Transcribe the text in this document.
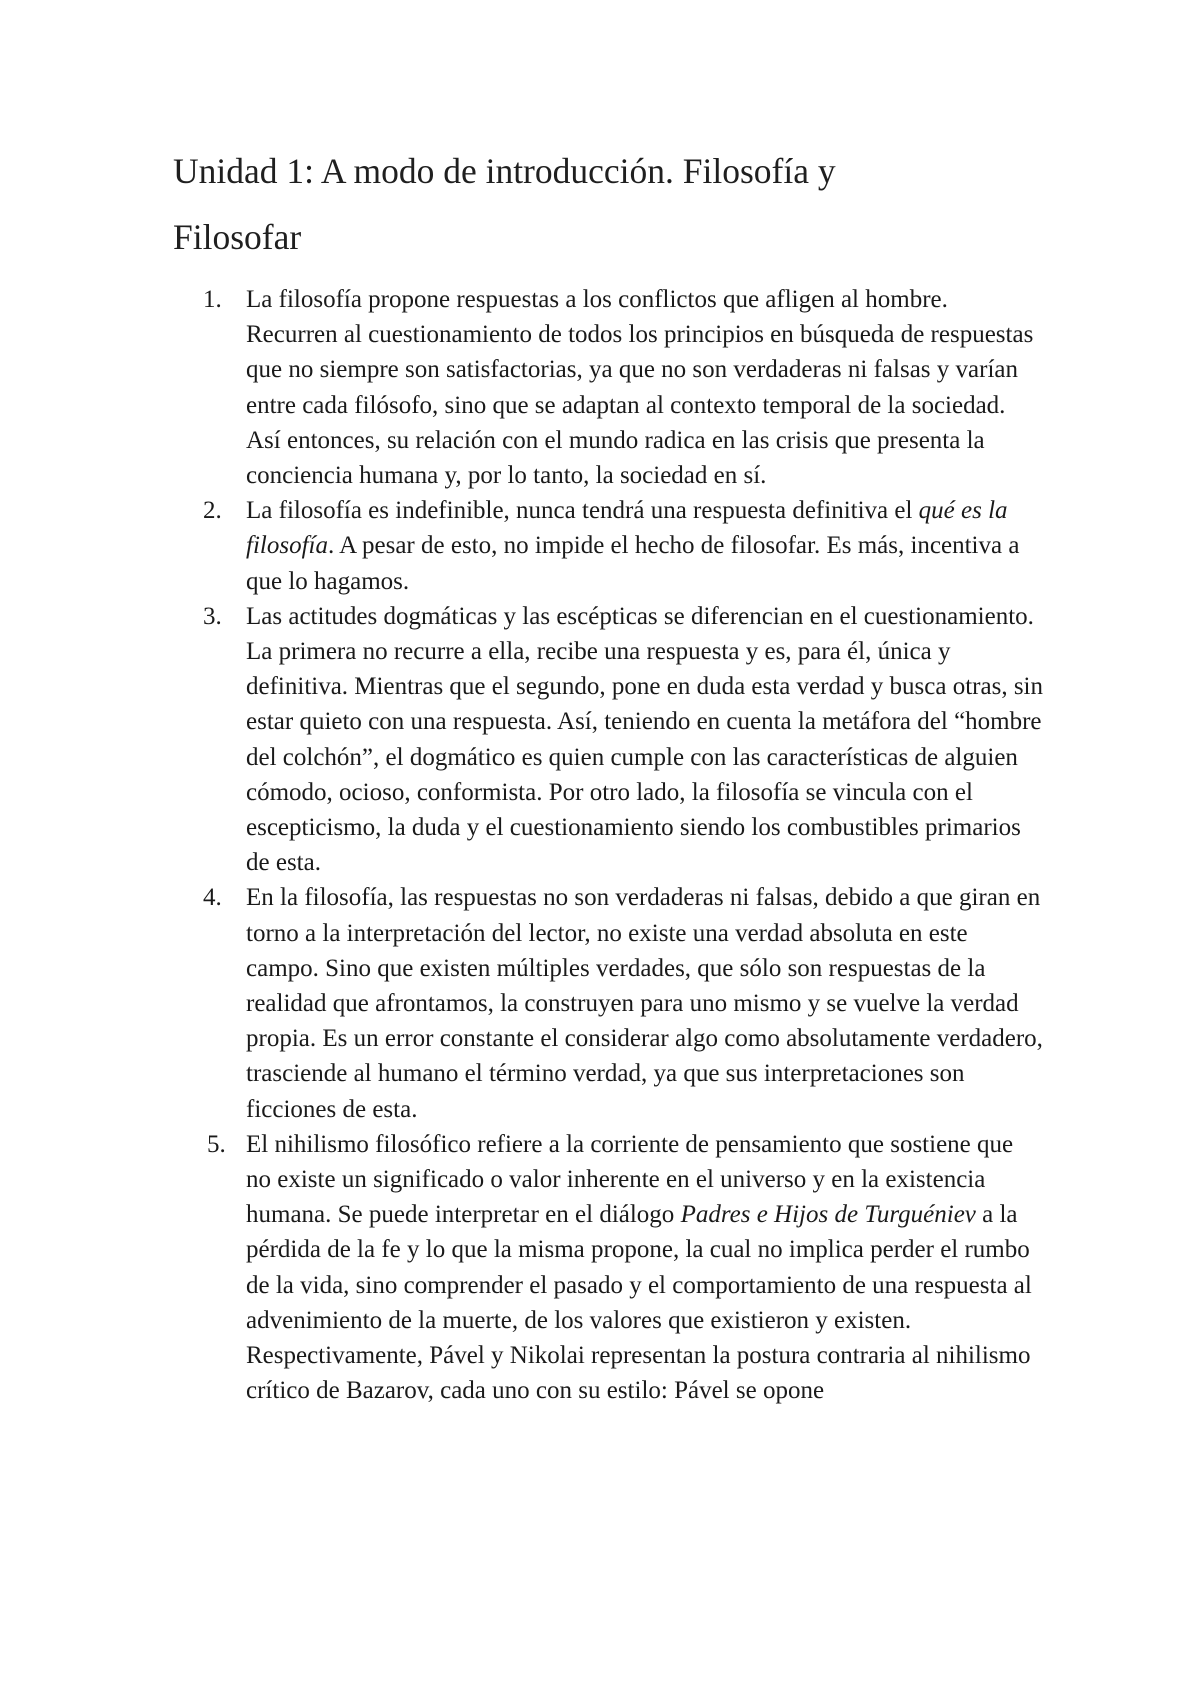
Unidad 1: A modo de introducción. Filosofía y
Filosofar
1. La filosofía propone respuestas a los conflictos que afligen al hombre. Recurren al cuestionamiento de todos los principios en búsqueda de respuestas que no siempre son satisfactorias, ya que no son verdaderas ni falsas y varían entre cada filósofo, sino que se adaptan al contexto temporal de la sociedad. Así entonces, su relación con el mundo radica en las crisis que presenta la conciencia humana y, por lo tanto, la sociedad en sí.
2. La filosofía es indefinible, nunca tendrá una respuesta definitiva el qué es la filosofía. A pesar de esto, no impide el hecho de filosofar. Es más, incentiva a que lo hagamos.
3. Las actitudes dogmáticas y las escépticas se diferencian en el cuestionamiento. La primera no recurre a ella, recibe una respuesta y es, para él, única y definitiva. Mientras que el segundo, pone en duda esta verdad y busca otras, sin estar quieto con una respuesta. Así, teniendo en cuenta la metáfora del “hombre del colchón”, el dogmático es quien cumple con las características de alguien cómodo, ocioso, conformista. Por otro lado, la filosofía se vincula con el escepticismo, la duda y el cuestionamiento siendo los combustibles primarios de esta.
4. En la filosofía, las respuestas no son verdaderas ni falsas, debido a que giran en torno a la interpretación del lector, no existe una verdad absoluta en este campo. Sino que existen múltiples verdades, que sólo son respuestas de la realidad que afrontamos, la construyen para uno mismo y se vuelve la verdad propia. Es un error constante el considerar algo como absolutamente verdadero, trasciende al humano el término verdad, ya que sus interpretaciones son ficciones de esta.
5. El nihilismo filosófico refiere a la corriente de pensamiento que sostiene que no existe un significado o valor inherente en el universo y en la existencia humana. Se puede interpretar en el diálogo Padres e Hijos de Turguéniev a la pérdida de la fe y lo que la misma propone, la cual no implica perder el rumbo de la vida, sino comprender el pasado y el comportamiento de una respuesta al advenimiento de la muerte, de los valores que existieron y existen. Respectivamente, Pável y Nikolai representan la postura contraria al nihilismo crítico de Bazarov, cada uno con su estilo: Pável se opone
